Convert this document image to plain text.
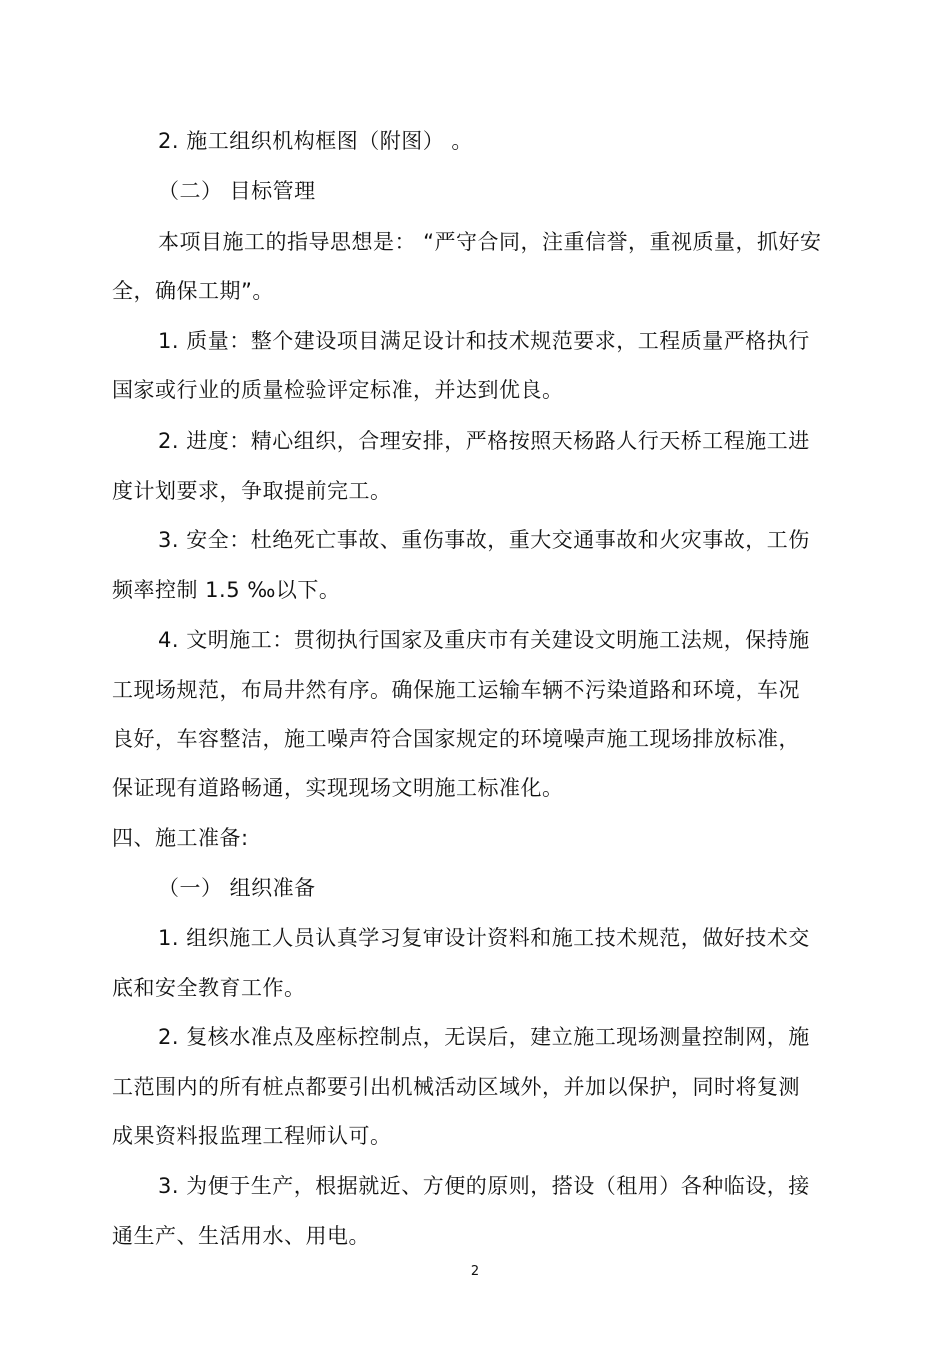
2. 施工组织机构框图（附图） 。
（二） 目标管理
本项目施工的指导思想是： “严守合同，注重信誉，重视质量，抓好安
全，确保工期”。
1. 质量：整个建设项目满足设计和技术规范要求，工程质量严格执行
国家或行业的质量检验评定标准，并达到优良。
2. 进度：精心组织，合理安排，严格按照天杨路人行天桥工程施工进
度计划要求，争取提前完工。
3. 安全：杜绝死亡事故、重伤事故，重大交通事故和火灾事故，工伤
频率控制 1.5 ‰以下。
4. 文明施工：贯彻执行国家及重庆市有关建设文明施工法规，保持施
工现场规范，布局井然有序。确保施工运输车辆不污染道路和环境，车况
良好，车容整洁，施工噪声符合国家规定的环境噪声施工现场排放标准，
保证现有道路畅通，实现现场文明施工标准化。
四、施工准备:
（一） 组织准备
1. 组织施工人员认真学习复审设计资料和施工技术规范，做好技术交
底和安全教育工作。
2. 复核水准点及座标控制点，无误后，建立施工现场测量控制网，施
工范围内的所有桩点都要引出机械活动区域外，并加以保护，同时将复测
成果资料报监理工程师认可。
3. 为便于生产，根据就近、方便的原则，搭设（租用）各种临设，接
通生产、生活用水、用电。
2
